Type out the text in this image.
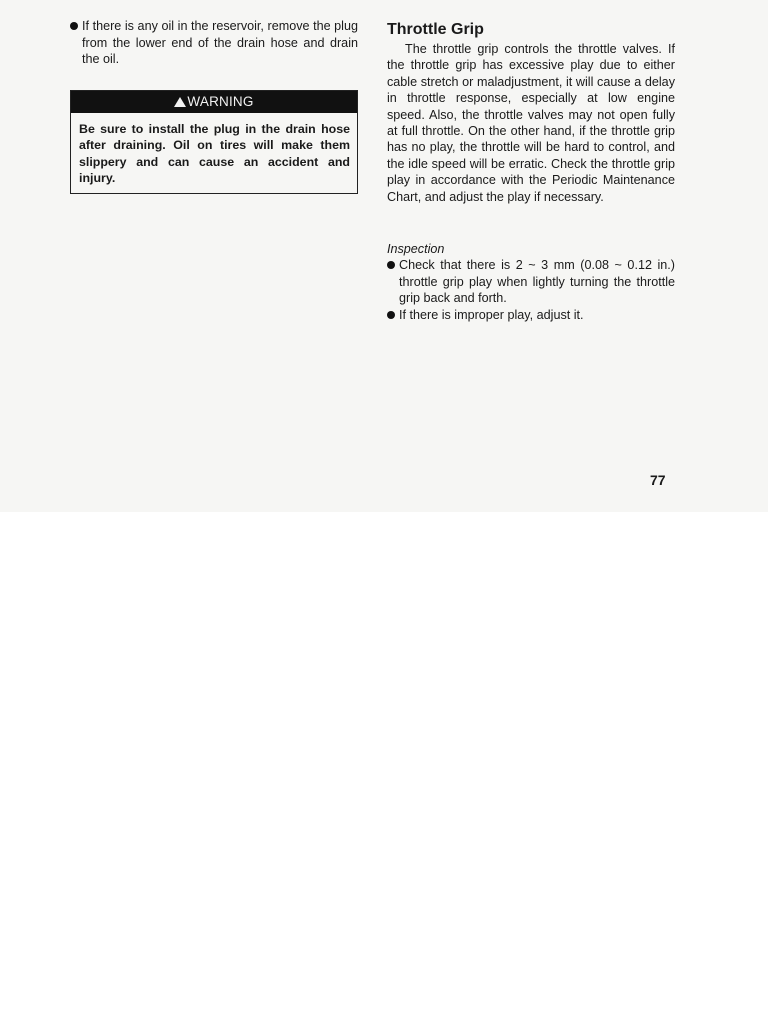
If there is any oil in the reservoir, remove the plug from the lower end of the drain hose and drain the oil.

WARNING
Be sure to install the plug in the drain hose after draining. Oil on tires will make them slippery and can cause an accident and injury.
Throttle Grip

The throttle grip controls the throttle valves. If the throttle grip has excessive play due to either cable stretch or maladjustment, it will cause a delay in throttle response, especially at low engine speed. Also, the throttle valves may not open fully at full throttle. On the other hand, if the throttle grip has no play, the throttle will be hard to control, and the idle speed will be erratic. Check the throttle grip play in accordance with the Periodic Maintenance Chart, and adjust the play if necessary.

Inspection

Check that there is 2 ~ 3 mm (0.08 ~ 0.12 in.) throttle grip play when lightly turning the throttle grip back and forth.

If there is improper play, adjust it.

77
